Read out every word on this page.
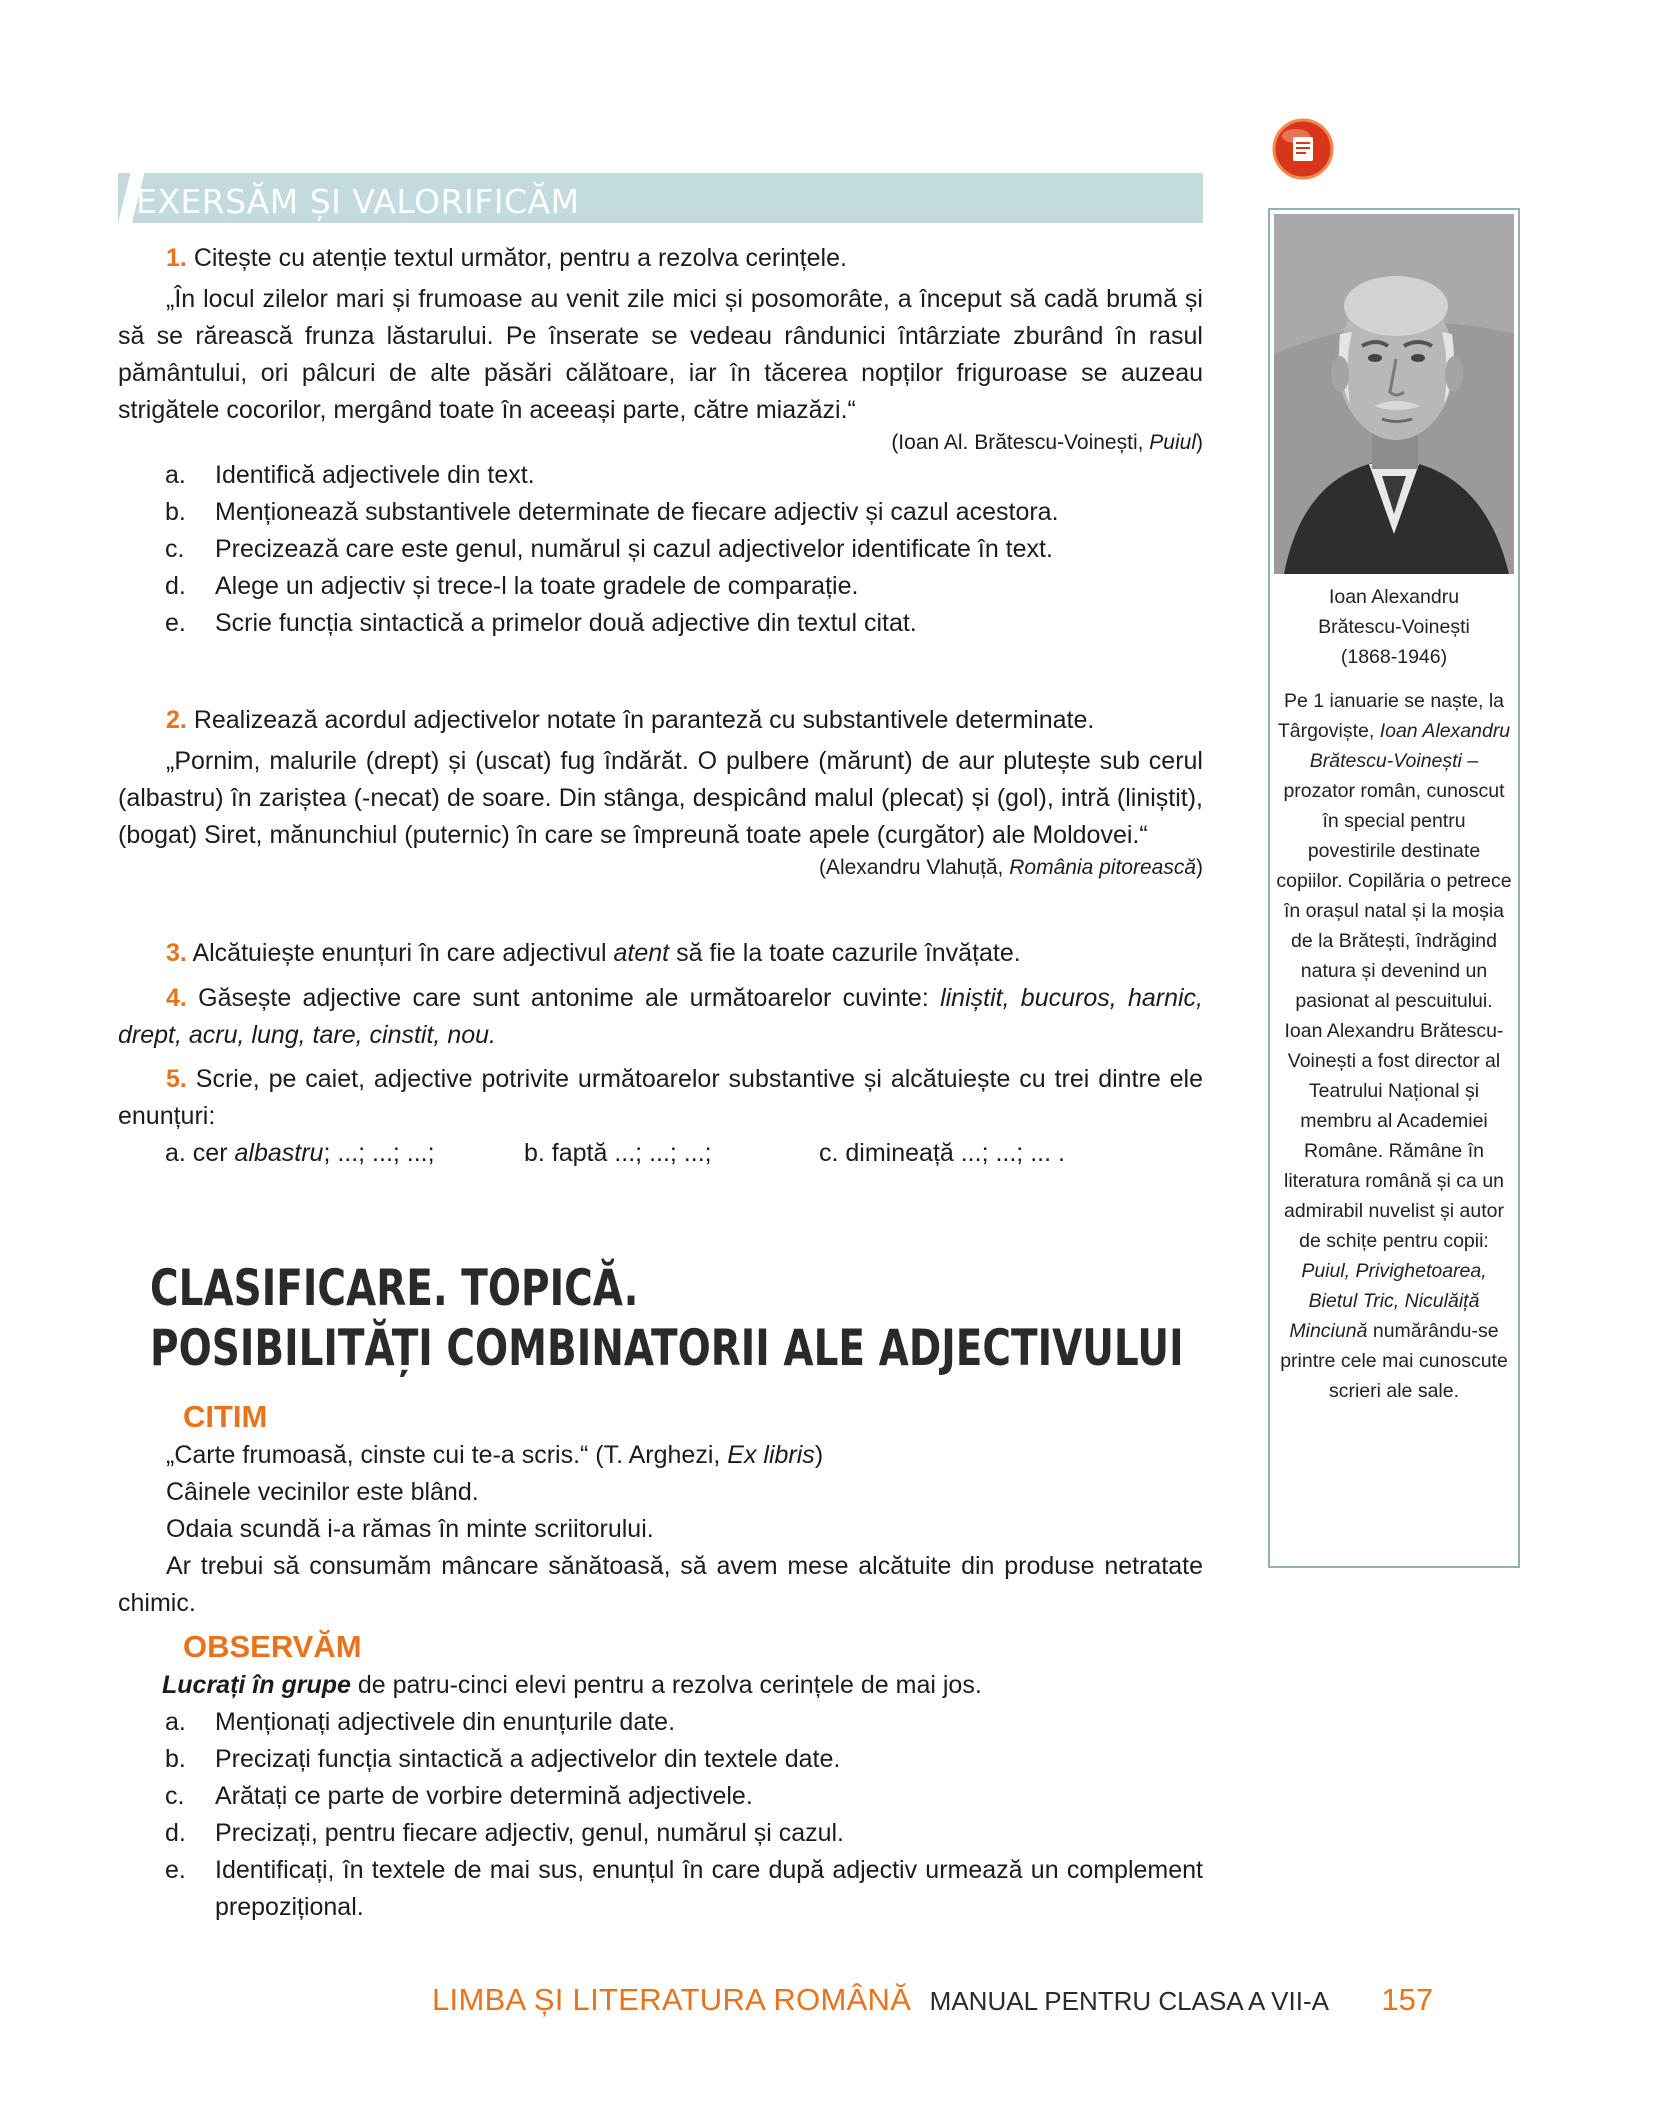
EXERSĂM ȘI VALORIFICĂM

1. Citește cu atenție textul următor, pentru a rezolva cerințele.

„În locul zilelor mari și frumoase au venit zile mici și posomorâte, a început să cadă brumă și să se rărească frunza lăstarului. Pe înserate se vedeau rândunici întârziate zburând în rasul pământului, ori pâlcuri de alte păsări călătoare, iar în tăcerea nopților friguroase se auzeau strigătele cocorilor, mergând toate în aceeași parte, către miazăzi.“

(Ioan Al. Brătescu-Voinești, Puiul)
a. Identifică adjectivele din text.
b. Menționează substantivele determinate de fiecare adjectiv și cazul acestora.
c. Precizează care este genul, numărul și cazul adjectivelor identificate în text.
d. Alege un adjectiv și trece-l la toate gradele de comparație.
e. Scrie funcția sintactică a primelor două adjective din textul citat.

2. Realizează acordul adjectivelor notate în paranteză cu substantivele determinate.

„Pornim, malurile (drept) și (uscat) fug îndărăt. O pulbere (mărunt) de aur plutește sub cerul (albastru) în zariștea (-necat) de soare. Din stânga, despicând malul (plecat) și (gol), intră (liniștit), (bogat) Siret, mănunchiul (puternic) în care se împreună toate apele (curgător) ale Moldovei.“

(Alexandru Vlahuță, România pitorească)

3. Alcătuiește enunțuri în care adjectivul atent să fie la toate cazurile învățate.

4. Găsește adjective care sunt antonime ale următoarelor cuvinte: liniștit, bucuros, harnic, drept, acru, lung, tare, cinstit, nou.

5. Scrie, pe caiet, adjective potrivite următoarelor substantive și alcătuiește cu trei dintre ele enunțuri:

a. cer albastru; ...; ...; ...;	b. faptă ...; ...; ...;	c. dimineață ...; ...; ... .
CLASIFICARE. TOPICĂ.
POSIBILITĂȚI COMBINATORII ALE ADJECTIVULUI
CITIM

„Carte frumoasă, cinste cui te-a scris.“ (T. Arghezi, Ex libris)

Câinele vecinilor este blând.

Odaia scundă i-a rămas în minte scriitorului.

Ar trebui să consumăm mâncare sănătoasă, să avem mese alcătuite din produse netratate chimic.

OBSERVĂM

Lucrați în grupe de patru-cinci elevi pentru a rezolva cerințele de mai jos.

a. Menționați adjectivele din enunțurile date.
b. Precizați funcția sintactică a adjectivelor din textele date.
c. Arătați ce parte de vorbire determină adjectivele.
d. Precizați, pentru fiecare adjectiv, genul, numărul și cazul.
e. Identificați, în textele de mai sus, enunțul în care după adjectiv urmează un complement prepozițional.

Ioan Alexandru

Brătescu-Voinești

(1868-1946)

Pe 1 ianuarie se naște, la Târgoviște, Ioan Alexandru Brătescu-Voinești – prozator român, cunoscut în special pentru povestirile destinate copiilor. Copilăria o petrece în orașul natal și la moșia de la Brătești, îndrăgind natura și devenind un pasionat al pescuitului. Ioan Alexandru Brătescu-Voinești a fost director al Teatrului Național și membru al Academiei Române. Rămâne în literatura română și ca un admirabil nuvelist și autor de schițe pentru copii: Puiul, Privighetoarea, Bietul Tric, Niculăiță Minciună numărându-se printre cele mai cunoscute scrieri ale sale.

LIMBA ȘI LITERATURA ROMÂNĂ MANUAL PENTRU CLASA A VII-A 157
